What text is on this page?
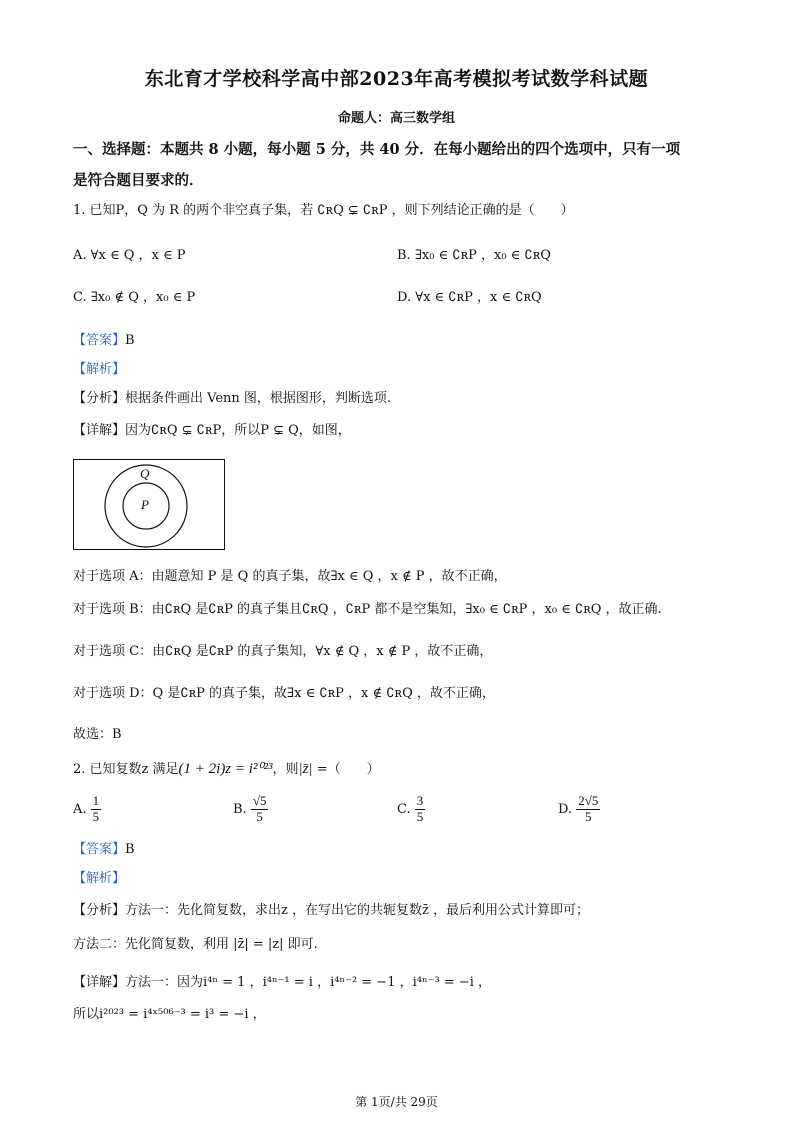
东北育才学校科学高中部2023年高考模拟考试数学科试题
命题人：高三数学组
一、选择题：本题共 8 小题，每小题 5 分，共 40 分．在每小题给出的四个选项中，只有一项
是符合题目要求的．
1. 已知P，Q 为 R 的两个非空真子集，若 ∁ʀQ ⊊ ∁ʀP ，则下列结论正确的是（　　）
A. ∀x ∈ Q ，x ∈ P	B. ∃x₀ ∈ ∁ʀP ，x₀ ∈ ∁ʀQ
C. ∃x₀ ∉ Q ，x₀ ∈ P	D. ∀x ∈ ∁ʀP ，x ∈ ∁ʀQ
【答案】B
【解析】
【分析】根据条件画出 Venn 图，根据图形，判断选项.
【详解】因为∁ʀQ ⊊ ∁ʀP，所以P ⊊ Q，如图，
Q
P
对于选项 A：由题意知 P 是 Q 的真子集，故∃x ∈ Q ，x ∉ P ，故不正确，
对于选项 B：由∁ʀQ 是∁ʀP 的真子集且∁ʀQ ，∁ʀP 都不是空集知，∃x₀ ∈ ∁ʀP ，x₀ ∈ ∁ʀQ ，故正确.
对于选项 C：由∁ʀQ 是∁ʀP 的真子集知，∀x ∉ Q ，x ∉ P ，故不正确，
对于选项 D：Q 是∁ʀP 的真子集，故∃x ∈ ∁ʀP ，x ∉ ∁ʀQ ，故不正确，
故选：B
2. 已知复数z 满足(1 + 2i)z = i²⁰²³，则|z̄| =（　　）
A. $\frac{1}{5}$	B. $\frac{√5}{5}$	C. $\frac{3}{5}$	D. $\frac{2√5}{5}$
【答案】B
【解析】
【分析】方法一：先化简复数，求出z ，在写出它的共轭复数z̄ ，最后利用公式计算即可；
方法二：先化简复数，利用 |z̄| = |z| 即可.
【详解】方法一：因为i⁴ⁿ = 1 ，i⁴ⁿ⁻¹ = i ，i⁴ⁿ⁻² = −1 ，i⁴ⁿ⁻³ = −i ，
所以i²⁰²³ = i⁴ˣ⁵⁰⁶⁻³ = i³ = −i ，
第 1页/共 29页
